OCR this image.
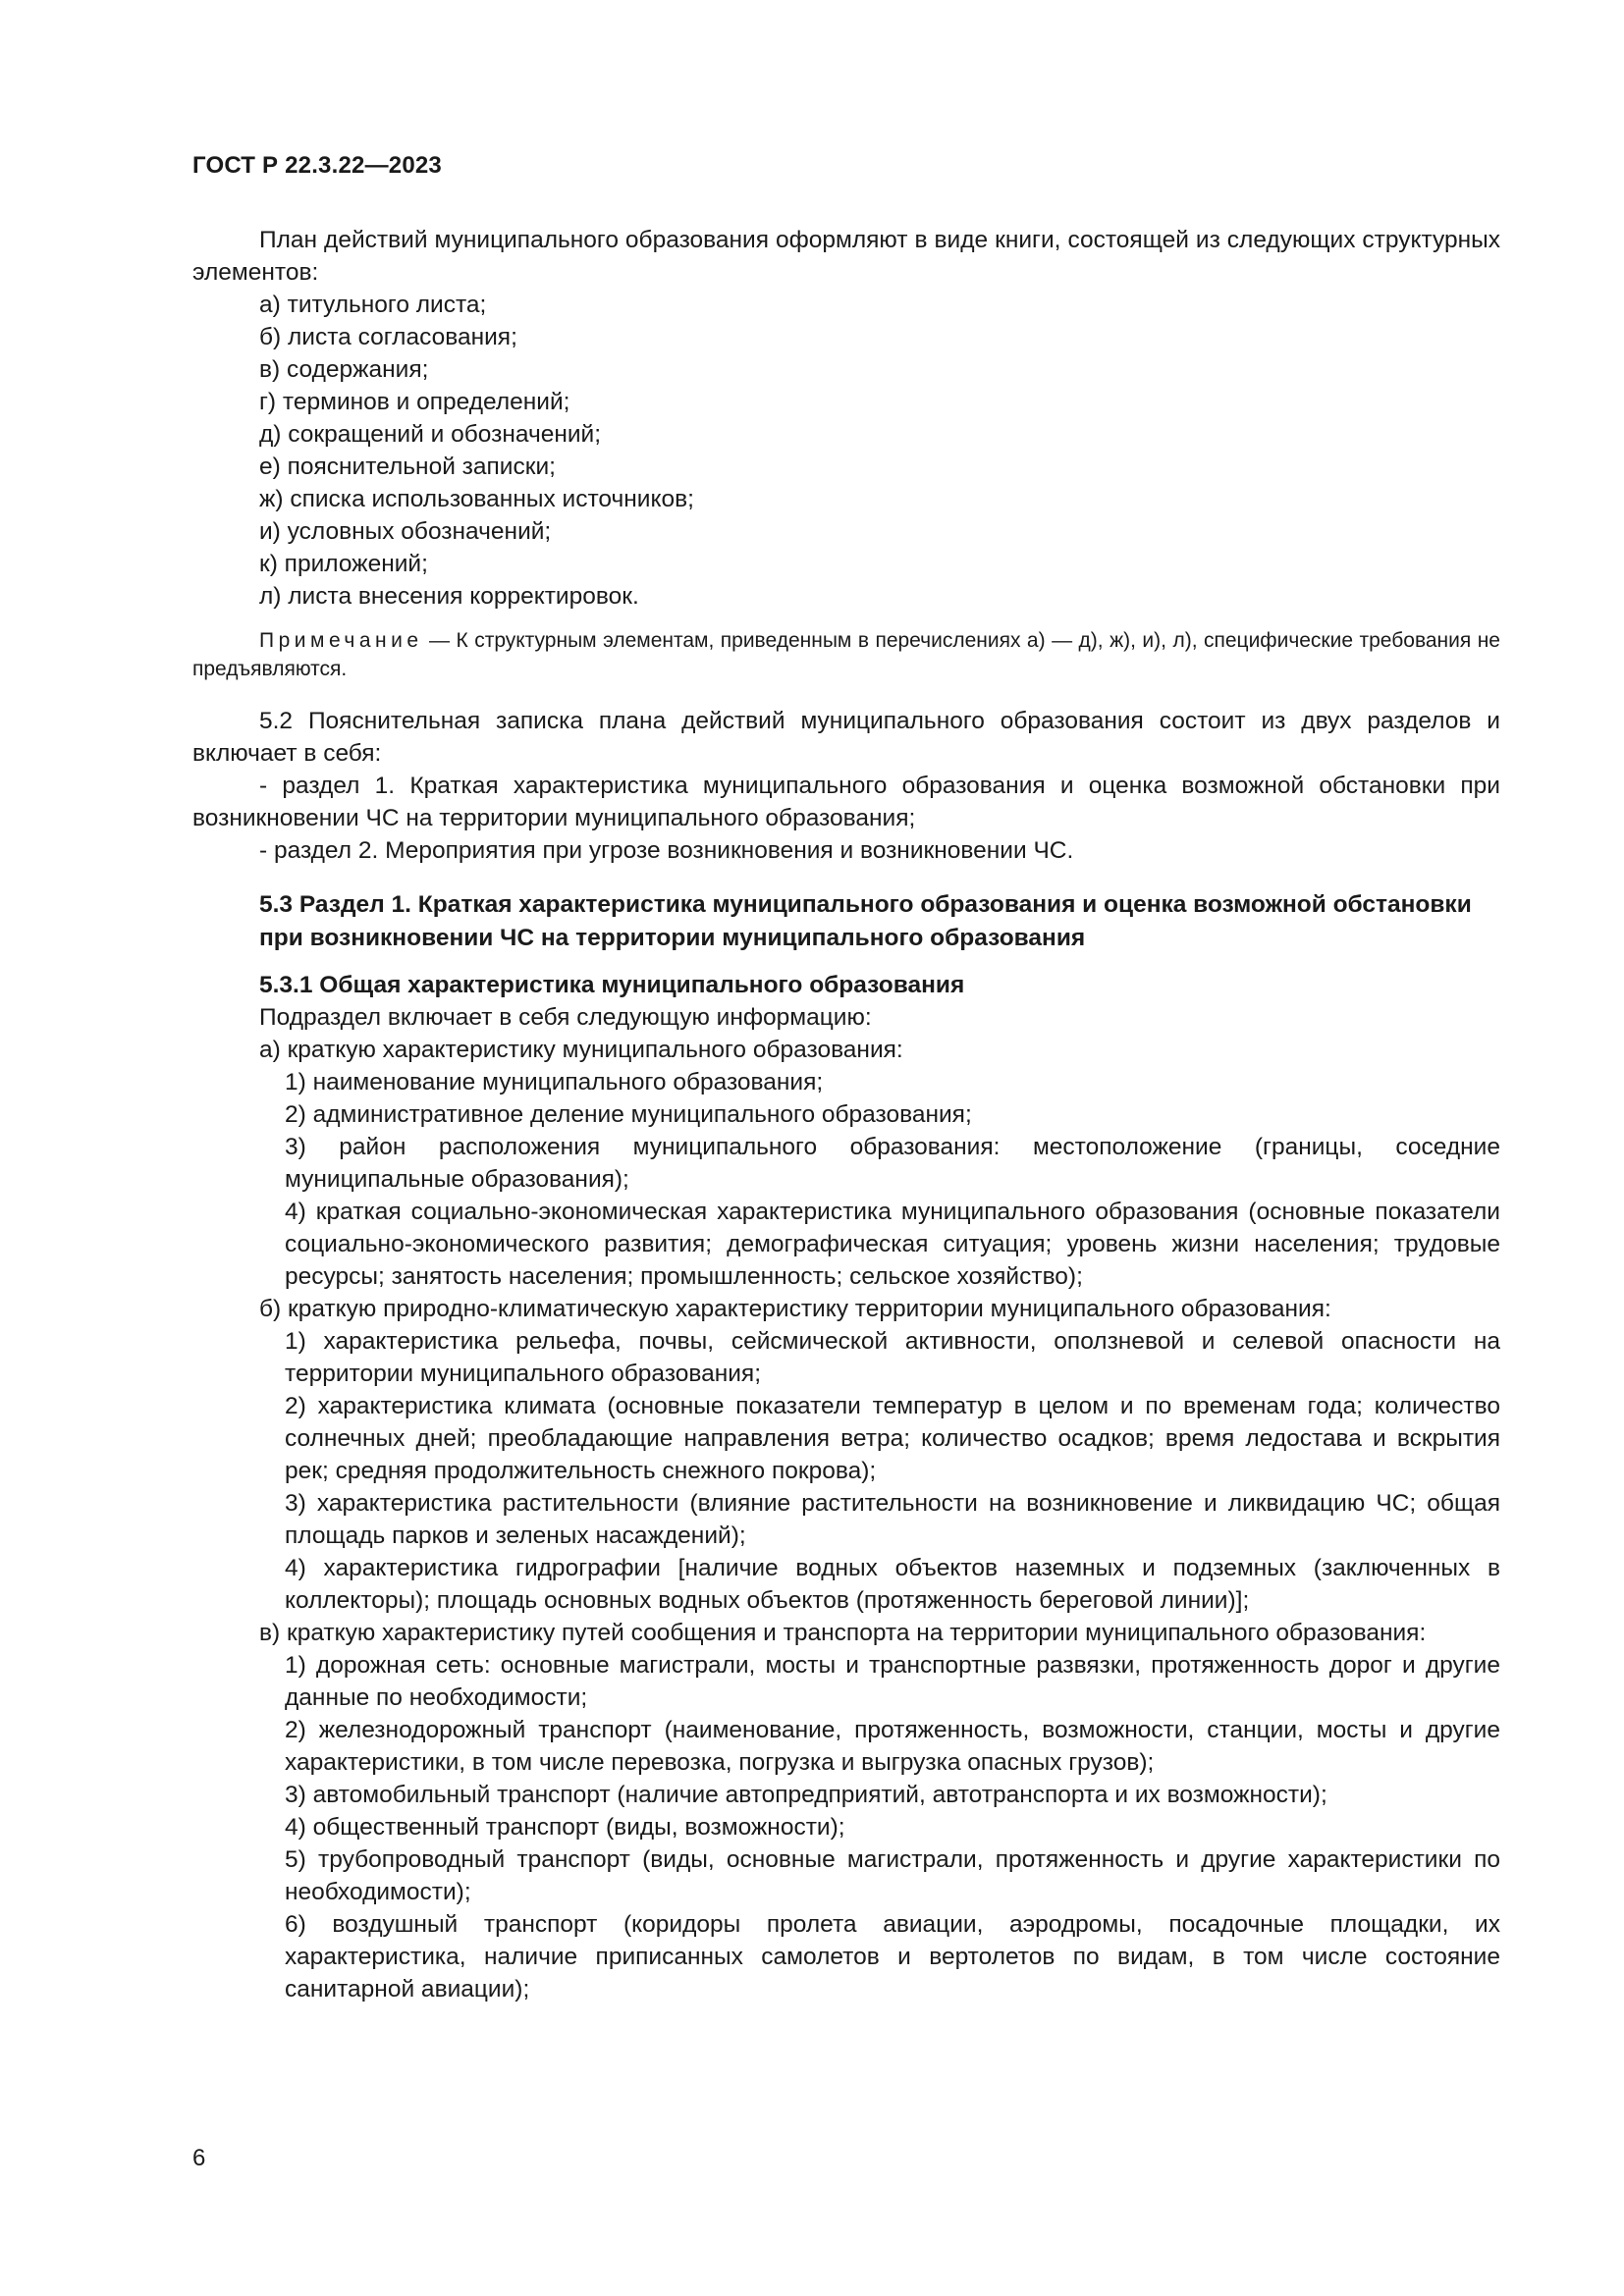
ГОСТ Р 22.3.22—2023

План действий муниципального образования оформляют в виде книги, состоящей из следующих структурных элементов:

а) титульного листа;

б) листа согласования;

в) содержания;

г) терминов и определений;

д) сокращений и обозначений;

е) пояснительной записки;

ж) списка использованных источников;

и) условных обозначений;

к) приложений;

л) листа внесения корректировок.

Примечание — К структурным элементам, приведенным в перечислениях а) — д), ж), и), л), специфические требования не предъявляются.

5.2 Пояснительная записка плана действий муниципального образования состоит из двух разделов и включает в себя:

- раздел 1. Краткая характеристика муниципального образования и оценка возможной обстановки при возникновении ЧС на территории муниципального образования;

- раздел 2. Мероприятия при угрозе возникновения и возникновении ЧС.

5.3 Раздел 1. Краткая характеристика муниципального образования и оценка возможной обстановки при возникновении ЧС на территории муниципального образования

5.3.1 Общая характеристика муниципального образования

Подраздел включает в себя следующую информацию:

а) краткую характеристику муниципального образования:

1) наименование муниципального образования;

2) административное деление муниципального образования;

3) район расположения муниципального образования: местоположение (границы, соседние муниципальные образования);

4) краткая социально-экономическая характеристика муниципального образования (основные показатели социально-экономического развития; демографическая ситуация; уровень жизни населения; трудовые ресурсы; занятость населения; промышленность; сельское хозяйство);

б) краткую природно-климатическую характеристику территории муниципального образования:

1) характеристика рельефа, почвы, сейсмической активности, оползневой и селевой опасности на территории муниципального образования;

2) характеристика климата (основные показатели температур в целом и по временам года; количество солнечных дней; преобладающие направления ветра; количество осадков; время ледостава и вскрытия рек; средняя продолжительность снежного покрова);

3) характеристика растительности (влияние растительности на возникновение и ликвидацию ЧС; общая площадь парков и зеленых насаждений);

4) характеристика гидрографии [наличие водных объектов наземных и подземных (заключенных в коллекторы); площадь основных водных объектов (протяженность береговой линии)];

в) краткую характеристику путей сообщения и транспорта на территории муниципального образования:

1) дорожная сеть: основные магистрали, мосты и транспортные развязки, протяженность дорог и другие данные по необходимости;

2) железнодорожный транспорт (наименование, протяженность, возможности, станции, мосты и другие характеристики, в том числе перевозка, погрузка и выгрузка опасных грузов);

3) автомобильный транспорт (наличие автопредприятий, автотранспорта и их возможности);

4) общественный транспорт (виды, возможности);

5) трубопроводный транспорт (виды, основные магистрали, протяженность и другие характеристики по необходимости);

6) воздушный транспорт (коридоры пролета авиации, аэродромы, посадочные площадки, их характеристика, наличие приписанных самолетов и вертолетов по видам, в том числе состояние санитарной авиации);

6
